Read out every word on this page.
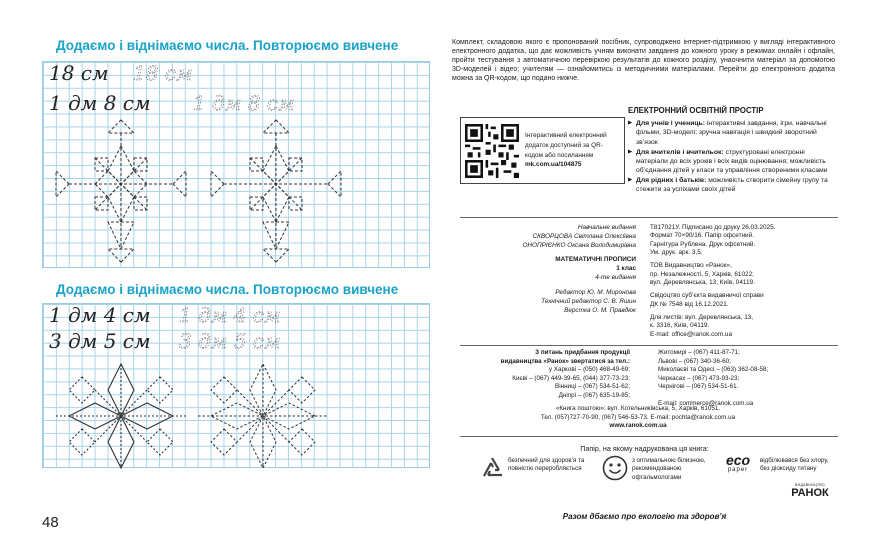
Додаємо і віднімаємо числа. Повторюємо вивчене
18 см 18 см
1 дм 8 см 1 дм 8 см
Додаємо і віднімаємо числа. Повторюємо вивчене
1 дм 4 см 1 дм 4 см
3 дм 5 см 3 дм 5 см
48
Комплект, складовою якого є пропонований посібник, супроводжено інтернет-підтримкою у вигляді інтерактивного електронного додатка, що дає можливість учням виконати завдання до кожного уроку в режимах онлайн і офлайн, пройти тестування з автоматичною перевіркою результатів до кожного розділу, унаочнити матеріал за допомогою 3D-моделей і відео; учителям — ознайомитись із методичними матеріалами. Перейти до електронного додатка можна за QR-кодом, що подано нижче.
Інтерактивний електронний додаток доступний за QR-кодом або посиланням
mk.com.ua/104875
ЕЛЕКТРОННИЙ ОСВІТНІЙ ПРОСТІР
▶ Для учнів і учениць: інтерактивні завдання, ігри, навчальні фільми, 3D-моделі; зручна навігація і швидкий зворотний зв’язок
▶ Для вчителів і вчительок: структуровані електронні матеріали до всіх уроків і всіх видів оцінювання; можливість об’єднання дітей у класи та управління створеними класами
▶ Для рідних і батьків: можливість створити сімейну групу та стежити за успіхами своїх дітей
Навчальне видання
СКВОРЦОВА Світлана Олексіївна
ОНОПРІЄНКО Оксана Володимирівна
МАТЕМАТИЧНІ ПРОПИСИ
1 клас
4-те видання
Редактор Ю. М. Миронова
Технічний редактор С. В. Яшин
Верстка О. М. Правдюк

Т817021У. Підписано до друку 26.03.2025.
Формат 70×90/16. Папір офсетний.
Гарнітура Рублена. Друк офсетний.
Ум. друк. арк. 3,5.

ТОВ Видавництво «Ранок»,
пр. Незалежності, 5, Харків, 61022;
вул. Деревлянська, 13, Київ, 04119.

Свідоцтво суб’єкта видавничої справи
ДК № 7548 від 16.12.2021.

Для листів: вул. Деревлянська, 13,
к. 3316, Київ, 04119.
E-mail: office@ranok.com.ua

З питань придбання продукції
видавництва «Ранок» звертатися за тел.:
у Харкові – (050) 468-49-69;
Києві – (067) 449-39-65, (044) 377-73-23;
Вінниці – (067) 534-51-62;
Дніпрі – (067) 635-19-85;
Житомирі – (067) 411-87-71;
Львові – (067) 340-36-60;
Миколаєві та Одесі – (063) 362-08-58;
Черкасах – (067) 473-93-23;
Чернігові – (067) 534-51-61.
E-mail: commerce@ranok.com.ua
«Книга поштою»: вул. Котельниківська, 5, Харків, 61051.
Тел. (057)727-70-90, (067) 546-53-73. E-mail: pochta@ranok.com.ua
www.ranok.com.ua
Папір, на якому надрукована ця книга:
безпечний для здоров’я та повністю переробляється
з оптимальною білизною, рекомендованою офтальмологами
eco
paper
відбілювався без хлору, без діоксиду титану
ВИДАВНИЦТВО
РАНОК
Разом дбаємо про екологію та здоров’я
